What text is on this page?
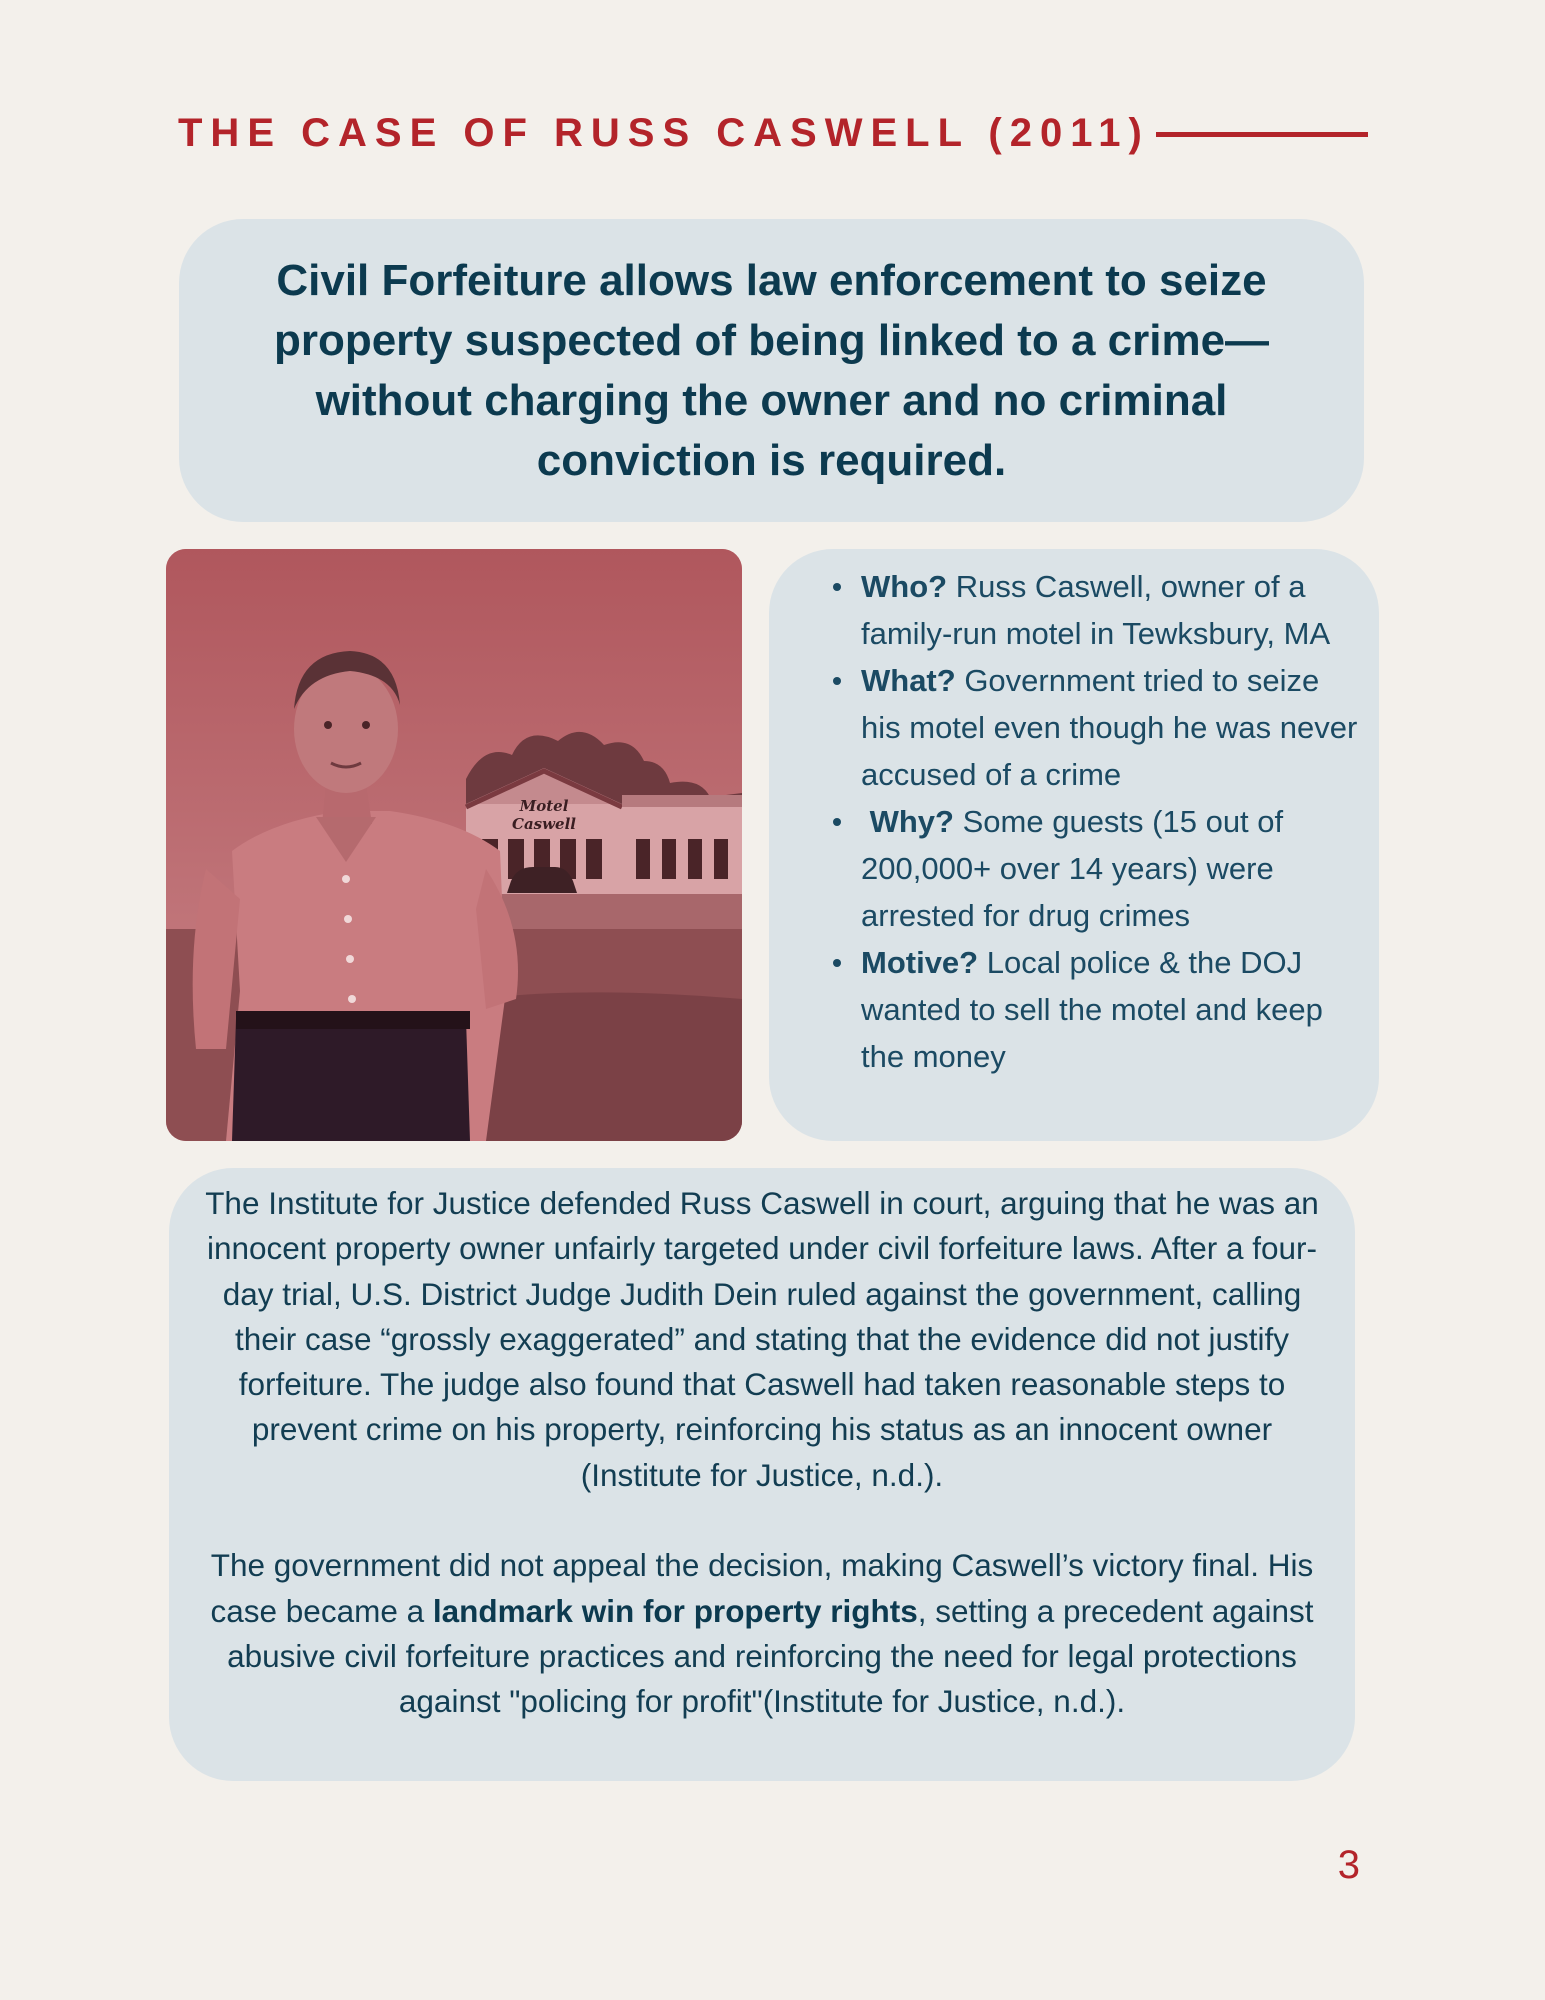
THE CASE OF RUSS CASWELL (2011)

Civil Forfeiture allows law enforcement to seize property suspected of being linked to a crime—without charging the owner and no criminal conviction is required.

Motel
Caswell
Who? Russ Caswell, owner of a family-run motel in Tewksbury, MA
What? Government tried to seize his motel even though he was never accused of a crime
Why? Some guests (15 out of 200,000+ over 14 years) were arrested for drug crimes
Motive? Local police & the DOJ wanted to sell the motel and keep the money

The Institute for Justice defended Russ Caswell in court, arguing that he was an innocent property owner unfairly targeted under civil forfeiture laws. After a four-day trial, U.S. District Judge Judith Dein ruled against the government, calling their case “grossly exaggerated” and stating that the evidence did not justify forfeiture. The judge also found that Caswell had taken reasonable steps to prevent crime on his property, reinforcing his status as an innocent owner (Institute for Justice, n.d.).

The government did not appeal the decision, making Caswell’s victory final. His case became a landmark win for property rights, setting a precedent against abusive civil forfeiture practices and reinforcing the need for legal protections against "policing for profit"(Institute for Justice, n.d.).

3
